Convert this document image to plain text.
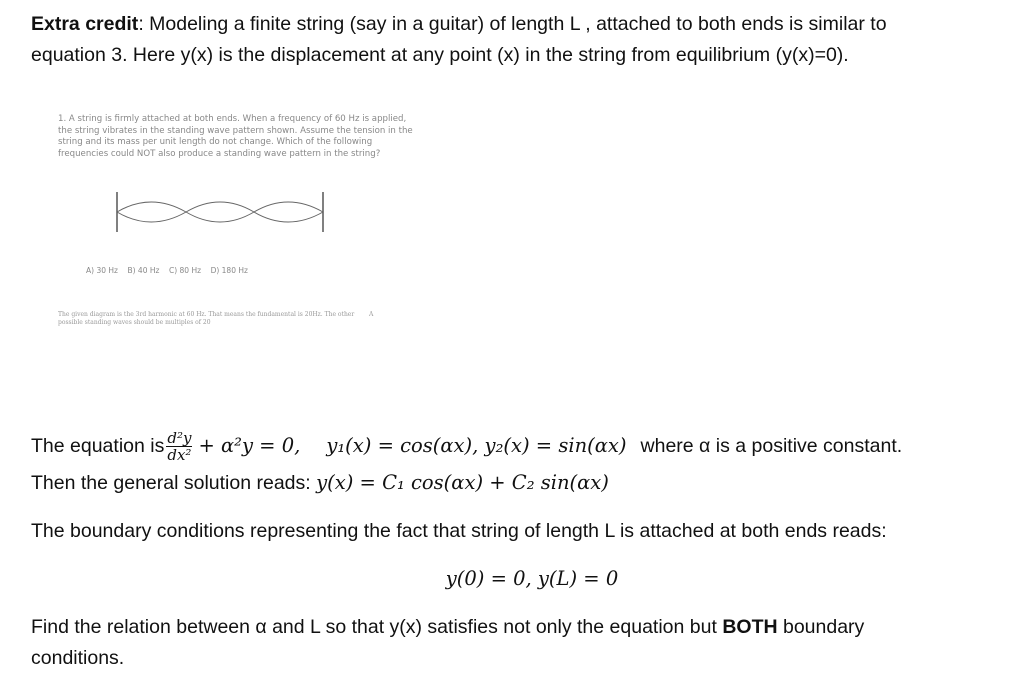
Extra credit: Modeling a finite string (say in a guitar) of length L , attached to both ends is similar to
equation 3. Here y(x) is the displacement at any point (x) in the string from equilibrium (y(x)=0).
1. A string is firmly attached at both ends. When a frequency of 60 Hz is applied,
the string vibrates in the standing wave pattern shown. Assume the tension in the
string and its mass per unit length do not change. Which of the following
frequencies could NOT also produce a standing wave pattern in the string?
A) 30 Hz    B) 40 Hz    C) 80 Hz    D) 180 Hz
The given diagram is the 3rd harmonic at 60 Hz. That means the fundamental is 20Hz. The other
possible standing waves should be multiples of 20
A
The equation is $\frac{\text{d²y}}{\text{dx²}} + \alpha^2y = 0$, y₁(x) = cos(αx), y₂(x) = sin(αx) where α is a positive constant.
Then the general solution reads: y(x) = C₁ cos(αx) + C₂ sin(αx)
The boundary conditions representing the fact that string of length L is attached at both ends reads:
y(0) = 0, y(L) = 0
Find the relation between α and L so that y(x) satisfies not only the equation but BOTH boundary
conditions.
